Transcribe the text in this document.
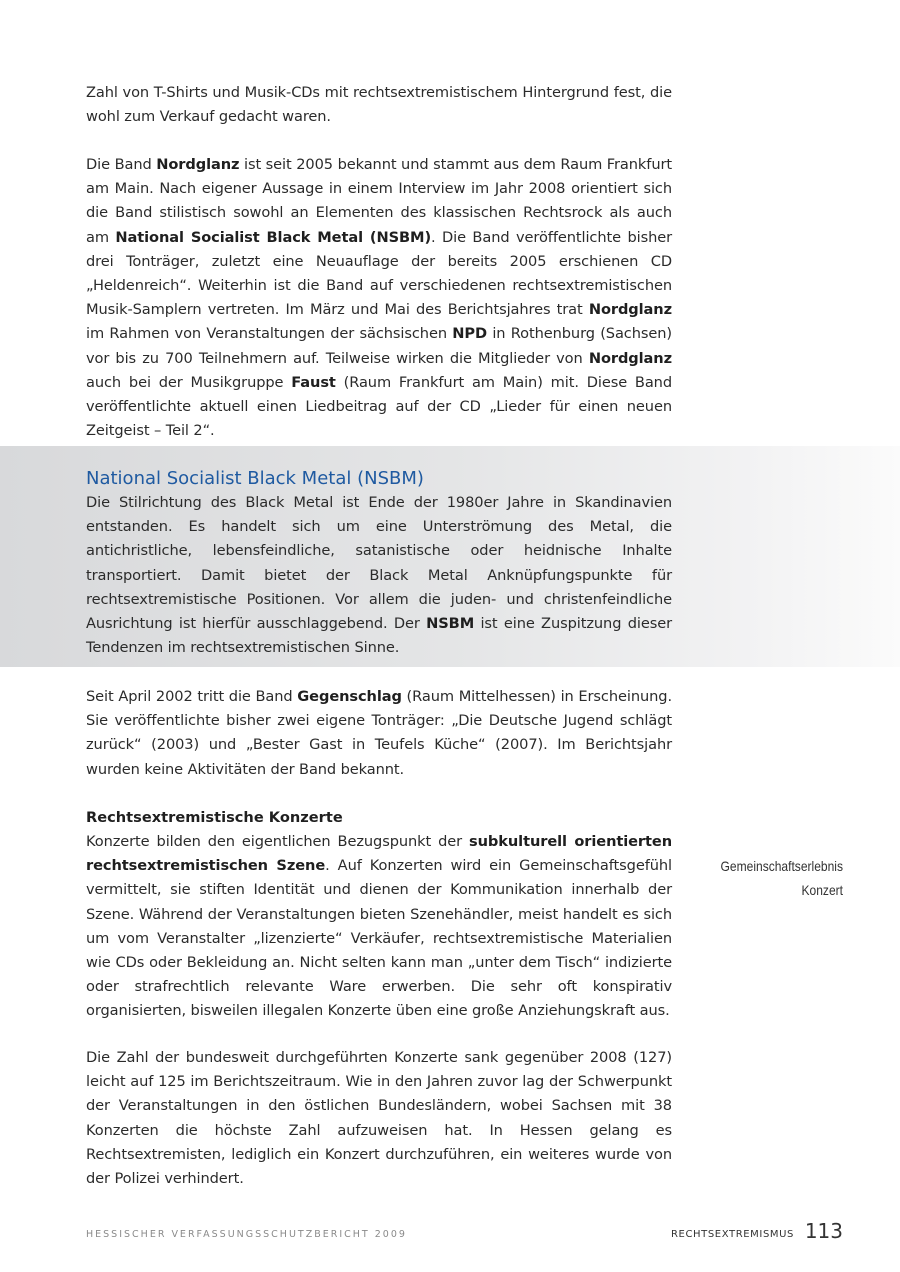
Zahl von T-Shirts und Musik-CDs mit rechtsextremistischem Hintergrund fest, die wohl zum Verkauf gedacht waren.

Die Band Nordglanz ist seit 2005 bekannt und stammt aus dem Raum Frankfurt am Main. Nach eigener Aussage in einem Interview im Jahr 2008 orientiert sich die Band stilistisch sowohl an Elementen des klassischen Rechtsrock als auch am National Socialist Black Metal (NSBM). Die Band veröffentlichte bisher drei Tonträger, zuletzt eine Neuauflage der bereits 2005 erschienen CD „Heldenreich“. Weiterhin ist die Band auf verschiedenen rechtsextremistischen Musik-Samplern vertreten. Im März und Mai des Berichtsjahres trat Nordglanz im Rahmen von Veranstaltungen der sächsischen NPD in Rothenburg (Sachsen) vor bis zu 700 Teilnehmern auf. Teilweise wirken die Mitglieder von Nordglanz auch bei der Musikgruppe Faust (Raum Frankfurt am Main) mit. Diese Band veröffentlichte aktuell einen Liedbeitrag auf der CD „Lieder für einen neuen Zeitgeist – Teil 2“.

National Socialist Black Metal (NSBM)

Die Stilrichtung des Black Metal ist Ende der 1980er Jahre in Skandinavien entstanden. Es handelt sich um eine Unterströmung des Metal, die antichristliche, lebensfeindliche, satanistische oder heidnische Inhalte transportiert. Damit bietet der Black Metal Anknüpfungspunkte für rechtsextremistische Positionen. Vor allem die juden- und christenfeindliche Ausrichtung ist hierfür ausschlaggebend. Der NSBM ist eine Zuspitzung dieser Tendenzen im rechtsextremistischen Sinne.

Seit April 2002 tritt die Band Gegenschlag (Raum Mittelhessen) in Erscheinung. Sie veröffentlichte bisher zwei eigene Tonträger: „Die Deutsche Jugend schlägt zurück“ (2003) und „Bester Gast in Teufels Küche“ (2007). Im Berichtsjahr wurden keine Aktivitäten der Band bekannt.

Rechtsextremistische Konzerte

Konzerte bilden den eigentlichen Bezugspunkt der subkulturell orientierten rechtsextremistischen Szene. Auf Konzerten wird ein Gemeinschaftsgefühl vermittelt, sie stiften Identität und dienen der Kommunikation innerhalb der Szene. Während der Veranstaltungen bieten Szenehändler, meist handelt es sich um vom Veranstalter „lizenzierte“ Verkäufer, rechtsextremistische Materialien wie CDs oder Bekleidung an. Nicht selten kann man „unter dem Tisch“ indizierte oder strafrechtlich relevante Ware erwerben. Die sehr oft konspirativ organisierten, bisweilen illegalen Konzerte üben eine große Anziehungskraft aus.

Die Zahl der bundesweit durchgeführten Konzerte sank gegenüber 2008 (127) leicht auf 125 im Berichtszeitraum. Wie in den Jahren zuvor lag der Schwerpunkt der Veranstaltungen in den östlichen Bundesländern, wobei Sachsen mit 38 Konzerten die höchste Zahl aufzuweisen hat. In Hessen gelang es Rechtsextremisten, lediglich ein Konzert durchzuführen, ein weiteres wurde von der Polizei verhindert.

Gemeinschaftserlebnis
Konzert
HESSISCHER VERFASSUNGSSCHUTZBERICHT 2009	RECHTSEXTREMISMUS 113
